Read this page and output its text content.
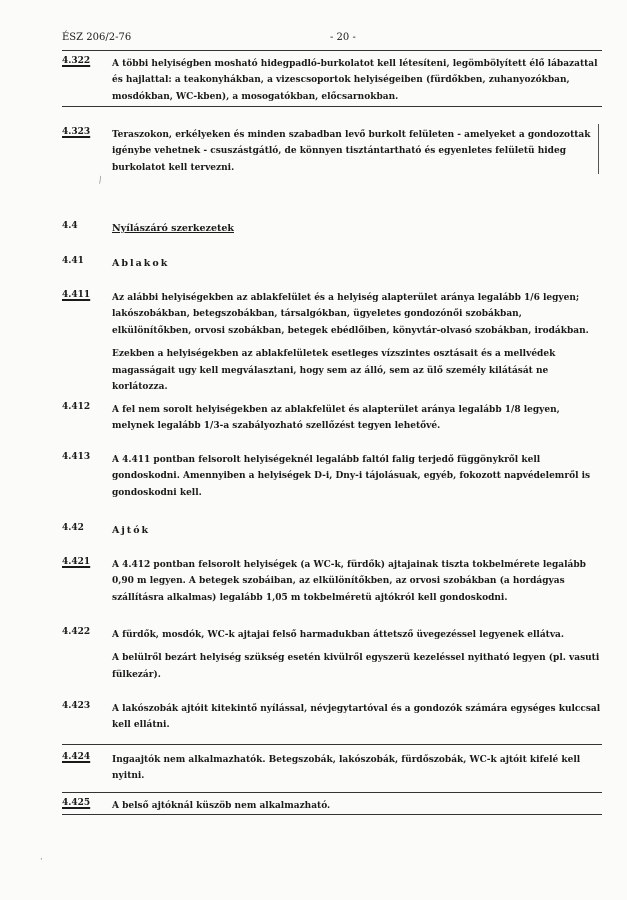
ÉSZ 206/2-76	- 20 -
4.322	A többi helyiségben mosható hidegpadló-burkolatot kell létesíteni, legömbölyített élő lábazattal és hajlattal: a teakonyhákban, a vizescsoportok helyiségeiben (fürdőkben, zuhanyozókban, mosdókban, WC-kben), a mosogatókban, előcsarnokban.

4.323	Teraszokon, erkélyeken és minden szabadban levő burkolt felületen - amelyeket a gondozottak igénybe vehetnek - csuszástgátló, de könnyen tisztántartható és egyenletes felületü hideg burkolatot kell tervezni.

⁄
4.4	Nyílászáró szerkezetek
4.41	Ablakok
4.411	Az alábbi helyiségekben az ablakfelület és a helyiség alapterület aránya legalább 1/6 legyen; lakószobákban, betegszobákban, társalgókban, ügyeletes gondozónői szobákban, elkülönítőkben, orvosi szobákban, betegek ebédlőiben, könyvtár-olvasó szobákban, irodákban.

Ezekben a helyiségekben az ablakfelületek esetleges vízszintes osztásait és a mellvédek magasságait ugy kell megválasztani, hogy sem az álló, sem az ülő személy kilátását ne korlátozza.

4.412	A fel nem sorolt helyiségekben az ablakfelület és alapterület aránya legalább 1/8 legyen, melynek legalább 1/3-a szabályozható szellőzést tegyen lehetővé.

4.413	A 4.411 pontban felsorolt helyiségeknél legalább faltól falig terjedő függönykről kell gondoskodni. Amennyiben a helyiségek D-i, Dny-i tájolásuak, egyéb, fokozott napvédelemről is gondoskodni kell.

4.42	Ajtók
4.421	A 4.412 pontban felsorolt helyiségek (a WC-k, fürdők) ajtajainak tiszta tokbelmérete legalább 0,90 m legyen. A betegek szobáiban, az elkülönítőkben, az orvosi szobákban (a hordágyas szállításra alkalmas) legalább 1,05 m tokbelméretü ajtókról kell gondoskodni.

4.422	A fürdők, mosdók, WC-k ajtajai felső harmadukban áttetsző üvegezéssel legyenek ellátva.

A belülről bezárt helyiség szükség esetén kivülről egyszerü kezeléssel nyitható legyen (pl. vasuti fülkezár).

4.423	A lakószobák ajtóit kitekintő nyílással, névjegytartóval és a gondozók számára egységes kulccsal kell ellátni.

4.424	Ingaajtók nem alkalmazhatók. Betegszobák, lakószobák, fürdőszobák, WC-k ajtóit kifelé kell nyitni.

4.425	A belső ajtóknál küszöb nem alkalmazható.

·
